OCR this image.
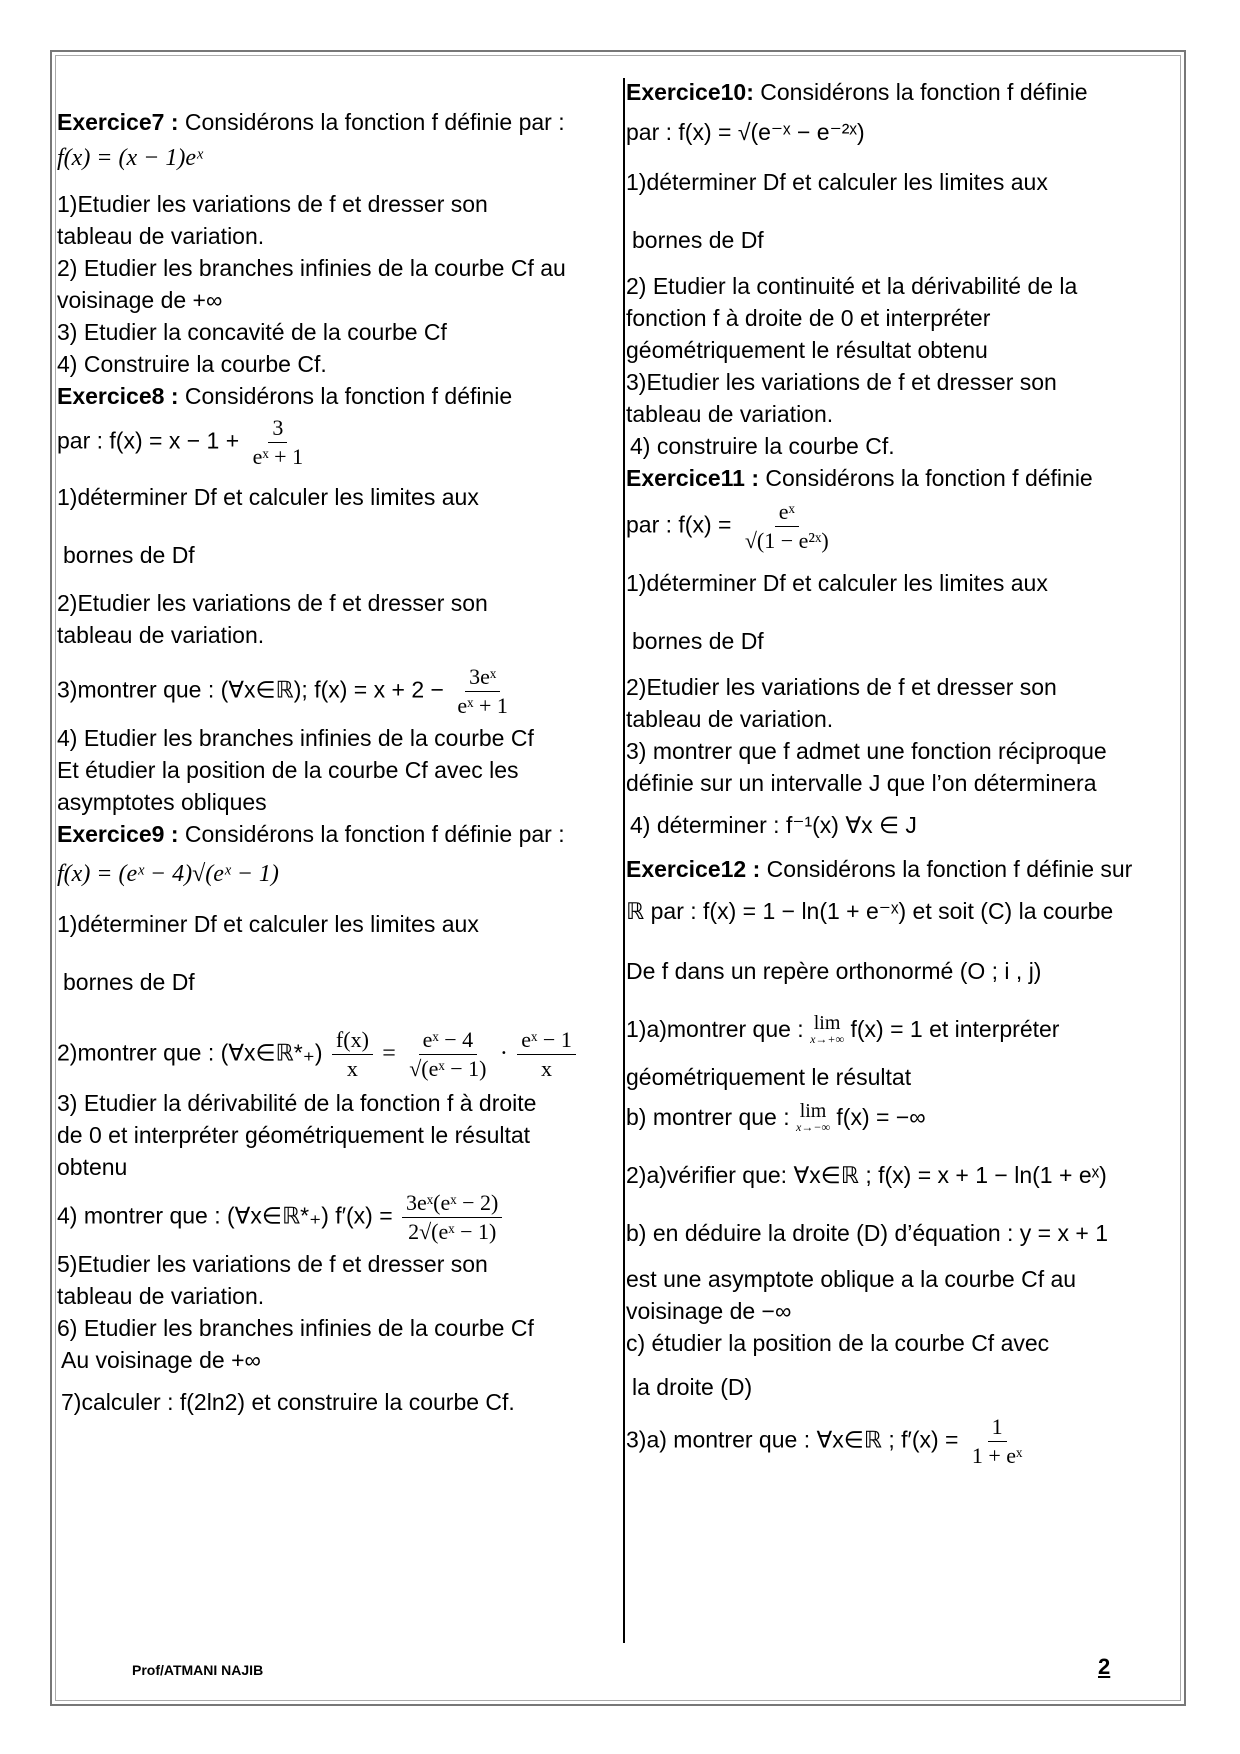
Exercice7 : Considérons la fonction f définie par :
f(x) = (x − 1)eˣ
1)Etudier les variations de f et dresser son
tableau de variation.
2) Etudier les branches infinies de la courbe Cf au
voisinage de +∞
3) Etudier la concavité de la courbe Cf
4) Construire la courbe Cf.
Exercice8 : Considérons la fonction f définie
par : $f(x) = x - 1 + \frac{3}{\text{eˣ + 1}}$
1)déterminer Df et calculer les limites aux
bornes de Df
2)Etudier les variations de f et dresser son
tableau de variation.
3)montrer que : (∀x∈ℝ); $f(x) = x + 2 - \frac{\text{3eˣ}}{\text{eˣ + 1}}$
4) Etudier les branches infinies de la courbe Cf
Et étudier la position de la courbe Cf avec les
asymptotes obliques
Exercice9 : Considérons la fonction f définie par :
f(x) = (eˣ − 4)√(eˣ − 1)
1)déterminer Df et calculer les limites aux
bornes de Df
2)montrer que : (∀x∈ℝ*₊) $\frac{f(x)}{x} = \frac{\text{eˣ − 4}}{\text{√(eˣ − 1)}} \cdot \frac{\text{eˣ − 1}}{x}$
3) Etudier la dérivabilité de la fonction f à droite
de 0 et interpréter géométriquement le résultat
obtenu
4) montrer que : (∀x∈ℝ*₊) $f'(x) = \frac{\text{3eˣ(eˣ − 2)}}{\text{2√(eˣ − 1)}}$
5)Etudier les variations de f et dresser son
tableau de variation.
6) Etudier les branches infinies de la courbe Cf
Au voisinage de +∞
7)calculer : f(2ln2) et construire la courbe Cf.
Exercice10: Considérons la fonction f définie
par : f(x) = √(e⁻ˣ − e⁻²ˣ)
1)déterminer Df et calculer les limites aux
bornes de Df
2) Etudier la continuité et la dérivabilité de la
fonction f à droite de 0 et interpréter
géométriquement le résultat obtenu
3)Etudier les variations de f et dresser son
tableau de variation.
4) construire la courbe Cf.
Exercice11 : Considérons la fonction f définie
par : $f(x) = \frac{\text{eˣ}}{\text{√(1 − e²ˣ)}}$
1)déterminer Df et calculer les limites aux
bornes de Df
2)Etudier les variations de f et dresser son
tableau de variation.
3) montrer que f admet une fonction réciproque
définie sur un intervalle J que l’on déterminera
4) déterminer : f⁻¹(x) ∀x ∈ J
Exercice12 : Considérons la fonction f définie sur
ℝ par : f(x) = 1 − ln(1 + e⁻ˣ) et soit (C) la courbe
De f dans un repère orthonormé (O ; i , j)
1)a)montrer que : lim
x→+∞ f(x) = 1 et interpréter
géométriquement le résultat
b) montrer que : lim
x→−∞ f(x) = −∞
2)a)vérifier que: ∀x∈ℝ ; f(x) = x + 1 − ln(1 + eˣ)
b) en déduire la droite (D) d’équation : y = x + 1
est une asymptote oblique a la courbe Cf au
voisinage de −∞
c) étudier la position de la courbe Cf avec
la droite (D)
3)a) montrer que : ∀x∈ℝ ; $f'(x) = \frac{1}{\text{1 + eˣ}}$
Prof/ATMANI NAJIB	2
